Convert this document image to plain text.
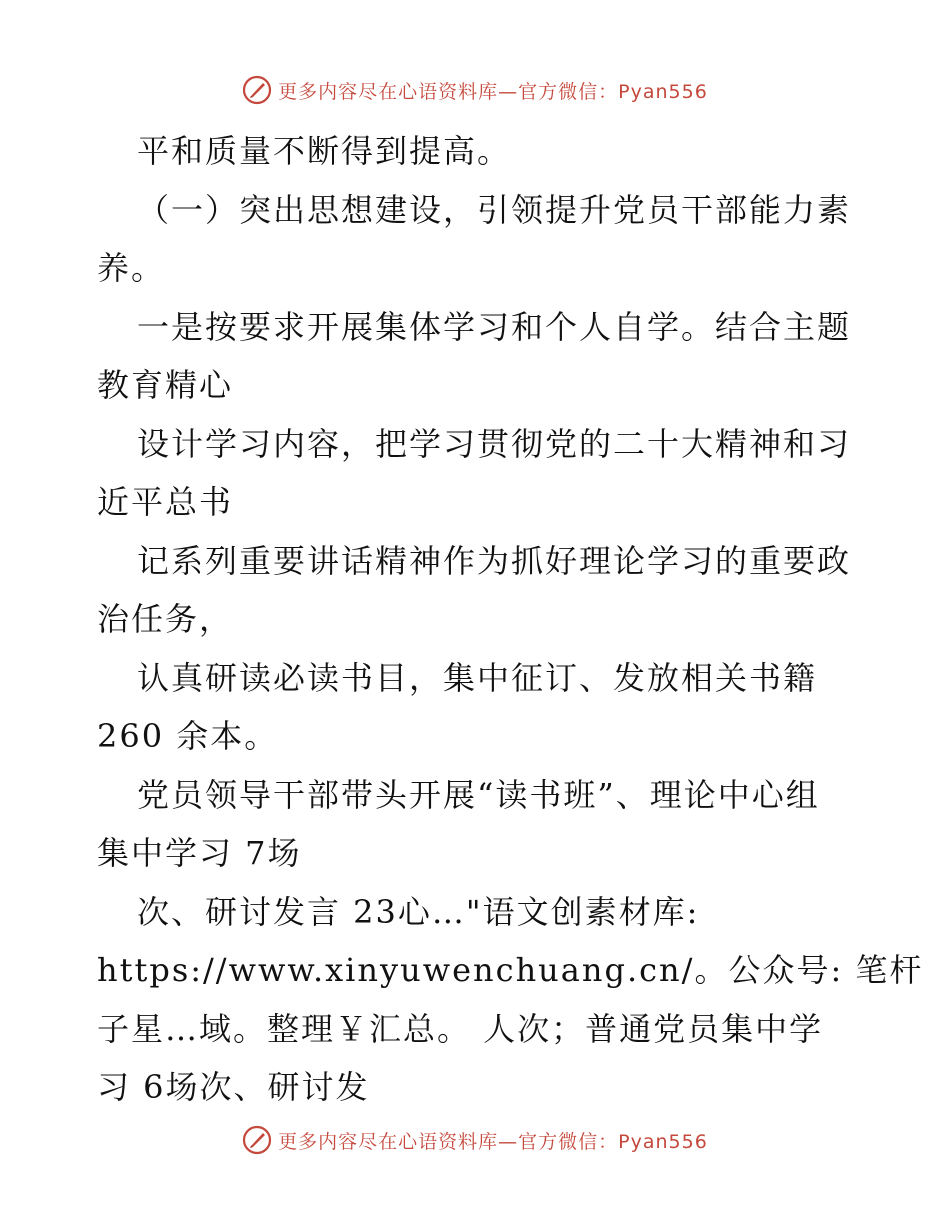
更多内容尽在心语资料库—官方微信：Pyan556
平和质量不断得到提高。
（一）突出思想建设，引领提升党员干部能力素
养。
一是按要求开展集体学习和个人自学。结合主题
教育精心
设计学习内容，把学习贯彻党的二十大精神和习
近平总书
记系列重要讲话精神作为抓好理论学习的重要政
治任务，
认真研读必读书目，集中征订、发放相关书籍
260 余本。
党员领导干部带头开展“读书班”、理论中心组
集中学习 7场
次、研讨发言 23心…"语文创素材库:
https://www.xinyuwenchuang.cn/。公众号: 笔杆
子星…域。整理￥汇总。 人次；普通党员集中学
习 6场次、研讨发
更多内容尽在心语资料库—官方微信：Pyan556
